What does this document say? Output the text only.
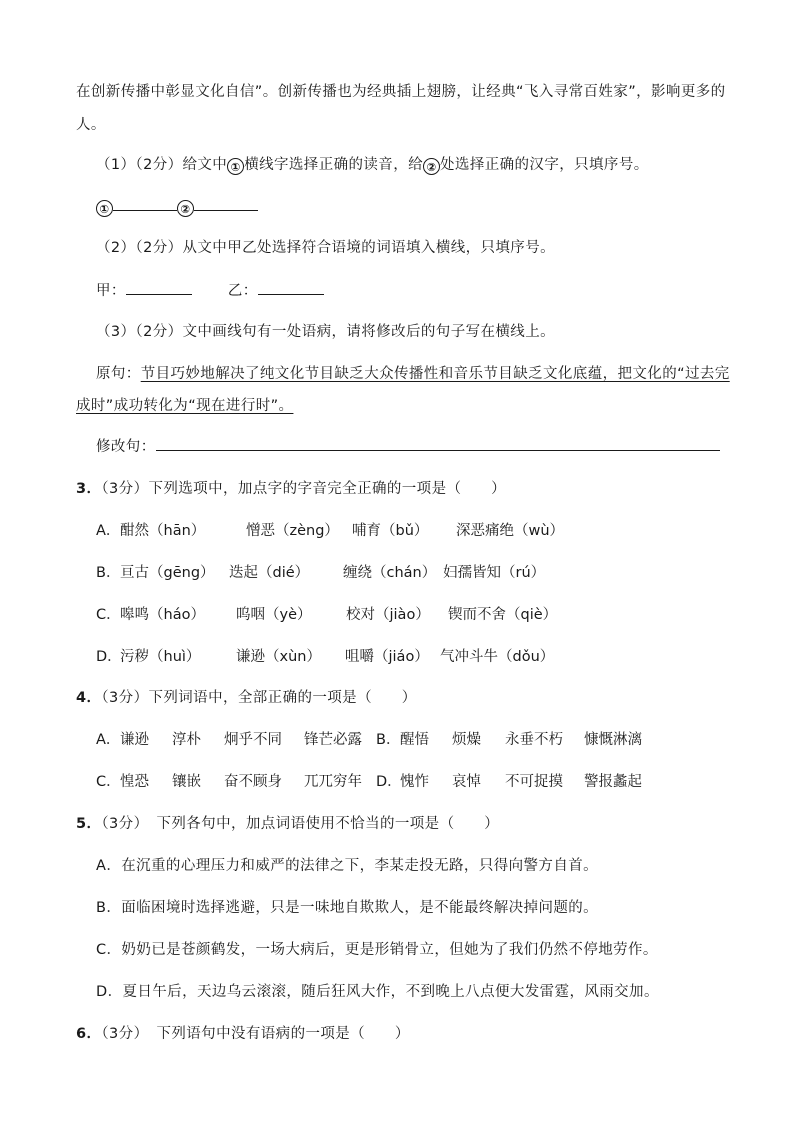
在创新传播中彰显文化自信”。创新传播也为经典插上翅膀，让经典“飞入寻常百姓家”，影响更多的
人。
（1）（2分）给文中 ① 横线字选择正确的读音，给 ② 处选择正确的汉字，只填序号。
①	②
（2）（2分）从文中甲乙处选择符合语境的词语填入横线，只填序号。
甲：	乙：
（3）（2分）文中画线句有一处语病，请将修改后的句子写在横线上。
原句：节目巧妙地解决了纯文化节目缺乏大众传播性和音乐节目缺乏文化底蕴，把文化的“过去完
成时”成功转化为“现在进行时”。
修改句：
3．（3分）下列选项中，加点字的字音完全正确的一项是（　　）
A． 酣然（hān）	憎恶（zèng） 哺育（bǔ） 深恶痛绝（wù）
B． 亘古（gēng） 迭起（dié） 缠绕（chán） 妇孺皆知（rú）
C． 嗥鸣（háo） 呜咽（yè） 校对（jiào） 锲而不舍（qiè）
D．
污秽（huì） 谦逊（xùn） 咀嚼（jiáo） 气冲斗牛（dǒu）
4．（3分）下列词语中，全部正确的一项是（　　）
A． 谦逊 淳朴 炯乎不同 锋芒必露 B． 醒悟 烦燥 永垂不朽 慷慨淋漓
C． 惶恐 镶嵌 奋不顾身 兀兀穷年 D．
愧怍 哀悼 不可捉摸 警报蠡起
5．（3分） 下列各句中，加点词语使用不恰当的一项是（　　）
A．在沉重的心理压力和威严的法律之下，李某走投无路，只得向警方自首。
B．面临困境时选择逃避，只是一味地自欺欺人，是不能最终解决掉问题的。
C．奶奶已是苍颜鹤发，一场大病后，更是形销骨立，但她为了我们仍然不停地劳作。
D．夏日午后，天边乌云滚滚，随后狂风大作，不到晚上八点便大发雷霆，风雨交加。
6．（3分） 下列语句中没有语病的一项是（　　）
